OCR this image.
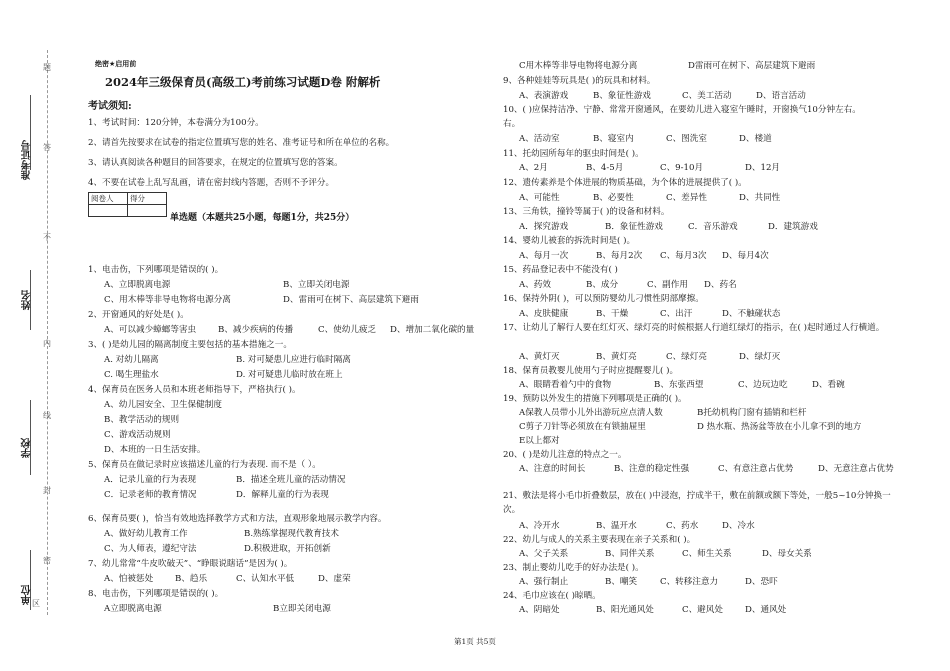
题
答
不
内
线
封
密
准考证号
姓名
学校
单位 区
绝密★启用前
2024年三级保育员(高级工)考前练习试题D卷 附解析
考试须知:
1、考试时间：120分钟，本卷满分为100分。
2、请首先按要求在试卷的指定位置填写您的姓名、准考证号和所在单位的名称。
3、请认真阅读各种题目的回答要求，在规定的位置填写您的答案。
4、不要在试卷上乱写乱画，请在密封线内答题，否则不予评分。
阅卷人	得分

单选题（本题共25小题，每题1分，共25分）
1、电击伤，下列哪项是错误的( )。
A、立即脱离电源	B、立即关闭电源
C、用木棒等非导电物将电源分离	D、雷雨可在树下、高层建筑下避雨
2、开窗通风的好处是( )。
A、可以减少蟑螂等害虫	B、减少疾病的传播	C、使幼儿疲乏 D、增加二氧化碳的量
3、( )是幼儿园的隔离制度主要包括的基本措施之一。
A. 对幼儿隔离	B. 对可疑患儿应进行临时隔离
C. 喝生理盐水	D. 对可疑患儿临时放在班上
4、保育员在医务人员和本班老师指导下，严格执行( )。
A、幼儿园安全、卫生保健制度
B、教学活动的规则
C、游戏活动规则
D、本班的一日生活安排。
5、保育员在做记录时应该描述儿童的行为表现. 而不是（ ）。
A．记录儿童的行为表现	B．描述全班儿童的活动情况
C．记录老师的教育情况	D．解释儿童的行为表现
6、保育员要( )，恰当有效地选择教学方式和方法，直观形象地展示教学内容。
A、做好幼儿教育工作	B.熟练掌握现代教育技术
C、为人师表，遵纪守法	D.积极进取，开拓创新
7、幼儿常常“牛皮吹破天”、“睁眼说瞎话”是因为( )。
A、怕被惩处	B、趋乐	C、认知水平低	D、虚荣
8、电击伤，下列哪项是错误的( )。
A立即脱离电源	B立即关闭电源
C用木棒等非导电物将电源分离	D雷雨可在树下、高层建筑下避雨
9、各种娃娃等玩具是( )的玩具和材料。
A、表演游戏	B、象征性游戏	C、美工活动	D、语言活动
10、( )应保持洁净、宁静、常常开窗通风，在要幼儿进入寝室午睡时，开窗换气10分钟左右。
右。
A、活动室	B、寝室内	C、图洗室	D、楼道
11、托幼园所每年的驱虫时间是( )。
A、2月	B、4-5月	C、9-10月	D、12月
12、遗传素养是个体进展的物质基础，为个体的进展提供了( )。
A、可能性	B、必要性	C、差异性	D、共同性
13、三角铁，撞铃等属于( )的设备和材料。
A．探究游戏	B．象征性游戏	C．音乐游戏	D．建筑游戏
14、婴幼儿被套的拆洗时间是( )。
A、每月一次	B、每月2次 C、每月3次 D、每月4次
15、药品登记表中不能没有( )
A、药效	B、成分	C、副作用 D、药名
16、保持外阴( )，可以预防婴幼儿刁惯性阴部摩擦。
A、皮肤健康	B、干燥	C、出汗	D、不触碰状态
17、让幼儿了解行人要在红灯灭、绿灯亮的时候根据人行道红绿灯的指示，在( )起时通过人行横道。
A、黄灯灭	B、黄灯亮	C、绿灯亮	D、绿灯灭
18、保育员教婴儿使用勺子时应提醒婴儿( )。
A、眼睛看着勺中的食物	B、东张西望	C、边玩边吃	D、看碗
19、预防以外发生的措施下列哪项是正确的( )。
A保教人员带小儿外出游玩应点清人数	B托幼机构门窗有插销和栏杆
C剪子刀针等必须放在有锁抽屉里	D 热水瓶、热汤盆等放在小儿拿不到的地方
E以上都对
20、( )是幼儿注意的特点之一。
A、注意的时间长	B、注意的稳定性强	C、有意注意占优势	D、无意注意占优势
21、敷法是将小毛巾折叠数层，放在( )中浸泡，拧成半干，敷在前额或额下等处，一般5~10分钟换一次。
A、冷开水	B、温开水	C、药水	D、冷水
22、幼儿与成人的关系主要表现在亲子关系和( )。
A、父子关系	B、同伴关系	C、师生关系	D、母女关系
23、制止婴幼儿吃手的好办法是( )。
A、强行制止	B、嘲笑	C、转移注意力	D、恐吓
24、毛巾应该在( )晾晒。
A、阴暗处	B、阳光通风处	C、避风处	D、通风处
第1页 共5页
